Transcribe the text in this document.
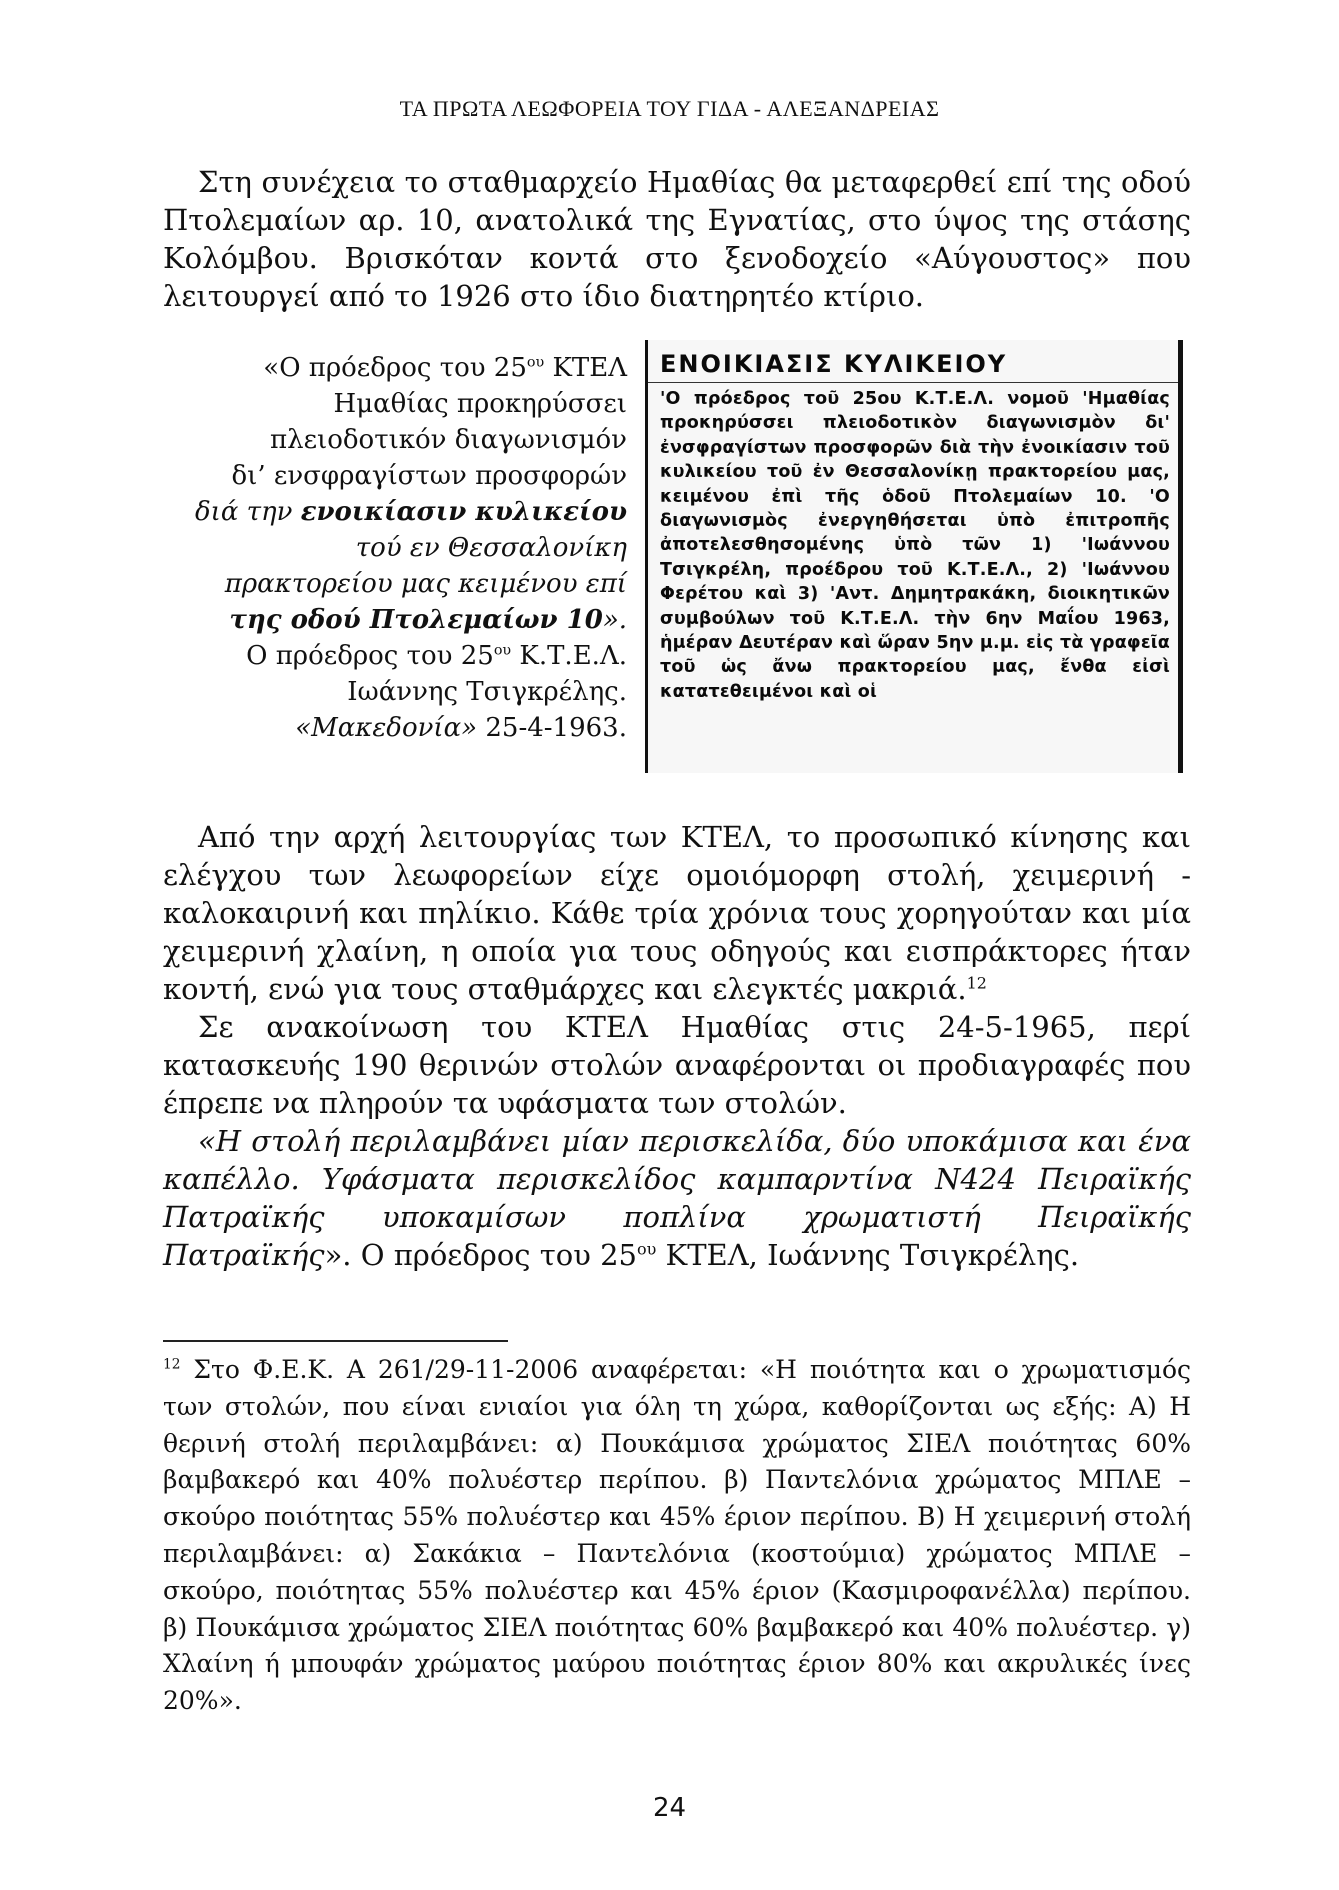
ΤΑ ΠΡΩΤΑ ΛΕΩΦΟΡΕΙΑ ΤΟΥ ΓΙΔΑ - ΑΛΕΞΑΝΔΡΕΙΑΣ

Στη συνέχεια το σταθμαρχείο Ημαθίας θα μεταφερθεί επί της οδού Πτολεμαίων αρ. 10, ανατολικά της Εγνατίας, στο ύψος της στάσης Κολόμβου. Βρισκόταν κοντά στο ξενοδοχείο «Αύγουστος» που λειτουργεί από το 1926 στο ίδιο διατηρητέο κτίριο.

«Ο πρόεδρος του $25^{o\upsilon}$ ΚΤΕΛ

Ημαθίας προκηρύσσει

πλειοδοτικόν διαγωνισμόν

δι’ ενσφραγίστων προσφορών

διά την ενοικίασιν κυλικείου

τού εν Θεσσαλονίκη

πρακτορείου μας κειμένου επί

της οδού Πτολεμαίων 10».

Ο πρόεδρος του $25^{o\upsilon}$ Κ.Τ.Ε.Λ.

Ιωάννης Τσιγκρέλης.

«Μακεδονία» 25-4-1963.

ΕΝΟΙΚΙΑΣΙΣ ΚΥΛΙΚΕΙΟΥ
'Ο πρόεδρος τοῦ 25ου Κ.Τ.Ε.Λ. νομοῦ 'Ημαθίας προκηρύσσει πλειοδοτικὸν διαγωνισμὸν δι' ἐνσφραγίστων προσφορῶν διὰ τὴν ἐνοικίασιν τοῦ κυλικείου τοῦ ἐν Θεσσαλονίκῃ πρακτορείου μας, κειμένου ἐπὶ τῆς ὁδοῦ Πτολεμαίων 10. 'Ο διαγωνισμὸς ἐνεργηθήσεται ὑπὸ ἐπιτροπῆς ἀποτελεσθησομένης ὑπὸ τῶν 1) 'Ιωάννου Τσιγκρέλη, προέδρου τοῦ Κ.Τ.Ε.Λ., 2) 'Ιωάννου Φερέτου καὶ 3) 'Αντ. Δημητρακάκη, διοικητικῶν συμβούλων τοῦ Κ.Τ.Ε.Λ. τὴν 6ην Μαΐου 1963, ἡμέραν Δευτέραν καὶ ὥραν 5ην μ.μ. εἰς τὰ γραφεῖα τοῦ ὡς ἄνω πρακτορείου μας, ἔνθα εἰσὶ κατατεθειμένοι καὶ οἱ

Από την αρχή λειτουργίας των ΚΤΕΛ, το προσωπικό κίνησης και ελέγχου των λεωφορείων είχε ομοιόμορφη στολή, χειμερινή - καλοκαιρινή και πηλίκιο. Κάθε τρία χρόνια τους χορηγούταν και μία χειμερινή χλαίνη, η οποία για τους οδηγούς και εισπράκτορες ήταν κοντή, ενώ για τους σταθμάρχες και ελεγκτές μακριά.$^{12}$

Σε ανακοίνωση του ΚΤΕΛ Ημαθίας στις 24-5-1965, περί κατασκευής 190 θερινών στολών αναφέρονται οι προδιαγραφές που έπρεπε να πληρούν τα υφάσματα των στολών.

«Η στολή περιλαμβάνει μίαν περισκελίδα, δύο υποκάμισα και ένα καπέλλο. Υφάσματα περισκελίδος καμπαρντίνα Ν424 Πειραϊκής Πατραϊκής υποκαμίσων ποπλίνα χρωματιστή Πειραϊκής Πατραϊκής». Ο πρόεδρος του $25^{o\upsilon}$ ΚΤΕΛ, Ιωάννης Τσιγκρέλης.

$^{12}$ Στο Φ.Ε.Κ. Α 261/29-11-2006 αναφέρεται: «Η ποιότητα και ο χρωματισμός των στολών, που είναι ενιαίοι για όλη τη χώρα, καθορίζονται ως εξής: Α) Η θερινή στολή περιλαμβάνει: α) Πουκάμισα χρώματος ΣΙΕΛ ποιότητας 60% βαμβακερό και 40% πολυέστερ περίπου. β) Παντελόνια χρώματος ΜΠΛΕ –σκούρο ποιότητας 55% πολυέστερ και 45% έριον περίπου. Β) Η χειμερινή στολή περιλαμβάνει: α) Σακάκια – Παντελόνια (κοστούμια) χρώματος ΜΠΛΕ – σκούρο, ποιότητας 55% πολυέστερ και 45% έριον (Κασμιροφανέλλα) περίπου. β) Πουκάμισα χρώματος ΣΙΕΛ ποιότητας 60% βαμβακερό και 40% πολυέστερ. γ) Χλαίνη ή μπουφάν χρώματος μαύρου ποιότητας έριον 80% και ακρυλικές ίνες 20%».

24
